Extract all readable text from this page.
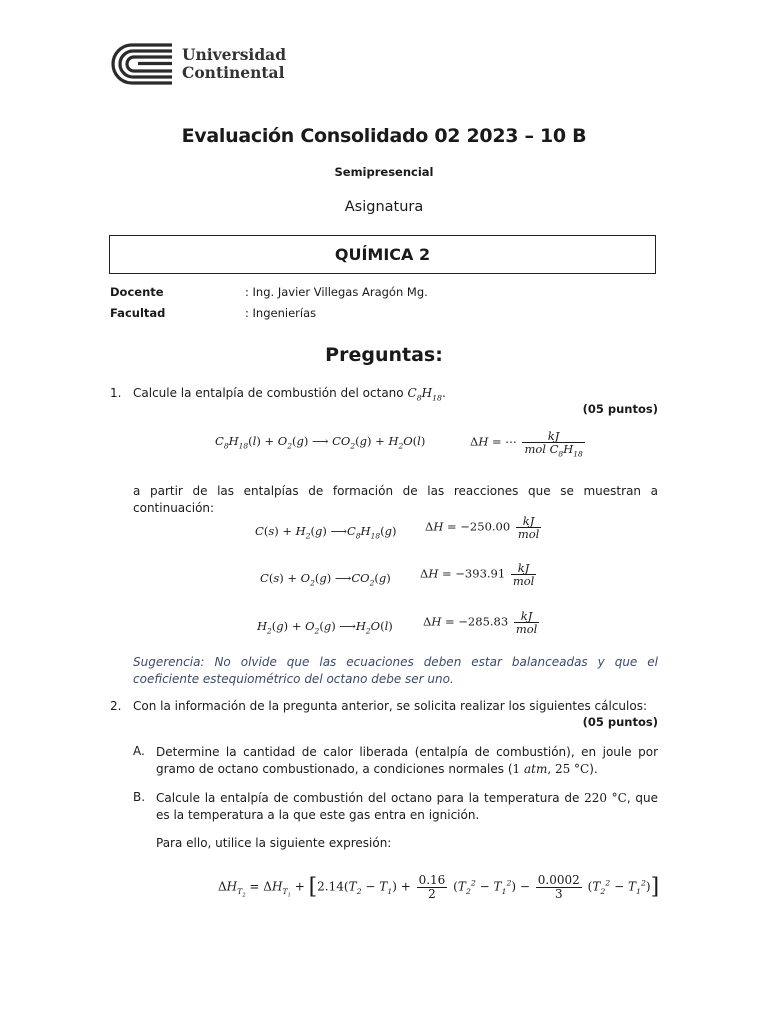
Universidad
Continental
Evaluación Consolidado 02 2023 – 10 B
Semipresencial
Asignatura
QUÍMICA 2
Docente	: Ing. Javier Villegas Aragón Mg.
Facultad	: Ingenierías
Preguntas:
1. Calcule la entalpía de combustión del octano $C_8H_{18}$.
(05 puntos)
$C_8H_{18}(l) + O_2(g)$ ⟶ $CO_2(g) + H_2O(l)$	ΔH = ⋯ $\frac{kJ}{mol C_8H_{18}}$
a partir de las entalpías de formación de las reacciones que se muestran a continuación:
$C(s) + H_2(g)$ $⟶C_8H_{18}(g) \Delta H = -250.00 \frac{kJ}{\text{mol}}$
$C(s) + O_2(g)$ $⟶CO_2(g)$	$\Delta H = -393.91 \frac{kJ}{\text{mol}}$
$H_2(g) + O_2(g)$ $⟶H_2O(l)$	$\Delta H = -285.83 \frac{kJ}{\text{mol}}$
Sugerencia: No olvide que las ecuaciones deben estar balanceadas y que el coeficiente estequiométrico del octano debe ser uno.
2. Con la información de la pregunta anterior, se solicita realizar los siguientes cálculos:
(05 puntos)
A. Determine la cantidad de calor liberada (entalpía de combustión), en joule por gramo de octano combustionado, a condiciones normales (1 atm, 25 °C).
B. Calcule la entalpía de combustión del octano para la temperatura de 220 °C, que es la temperatura a la que este gas entra en ignición.
Para ello, utilice la siguiente expresión:
$\Delta H_{T_2} = \Delta H_{T_1} + [2.14(T_2 - T_1) + \frac{0.16}{2} (T_2^2 - T_1^2) - \frac{0.0002}{3} (T_2^2 - T_1^2)]$
